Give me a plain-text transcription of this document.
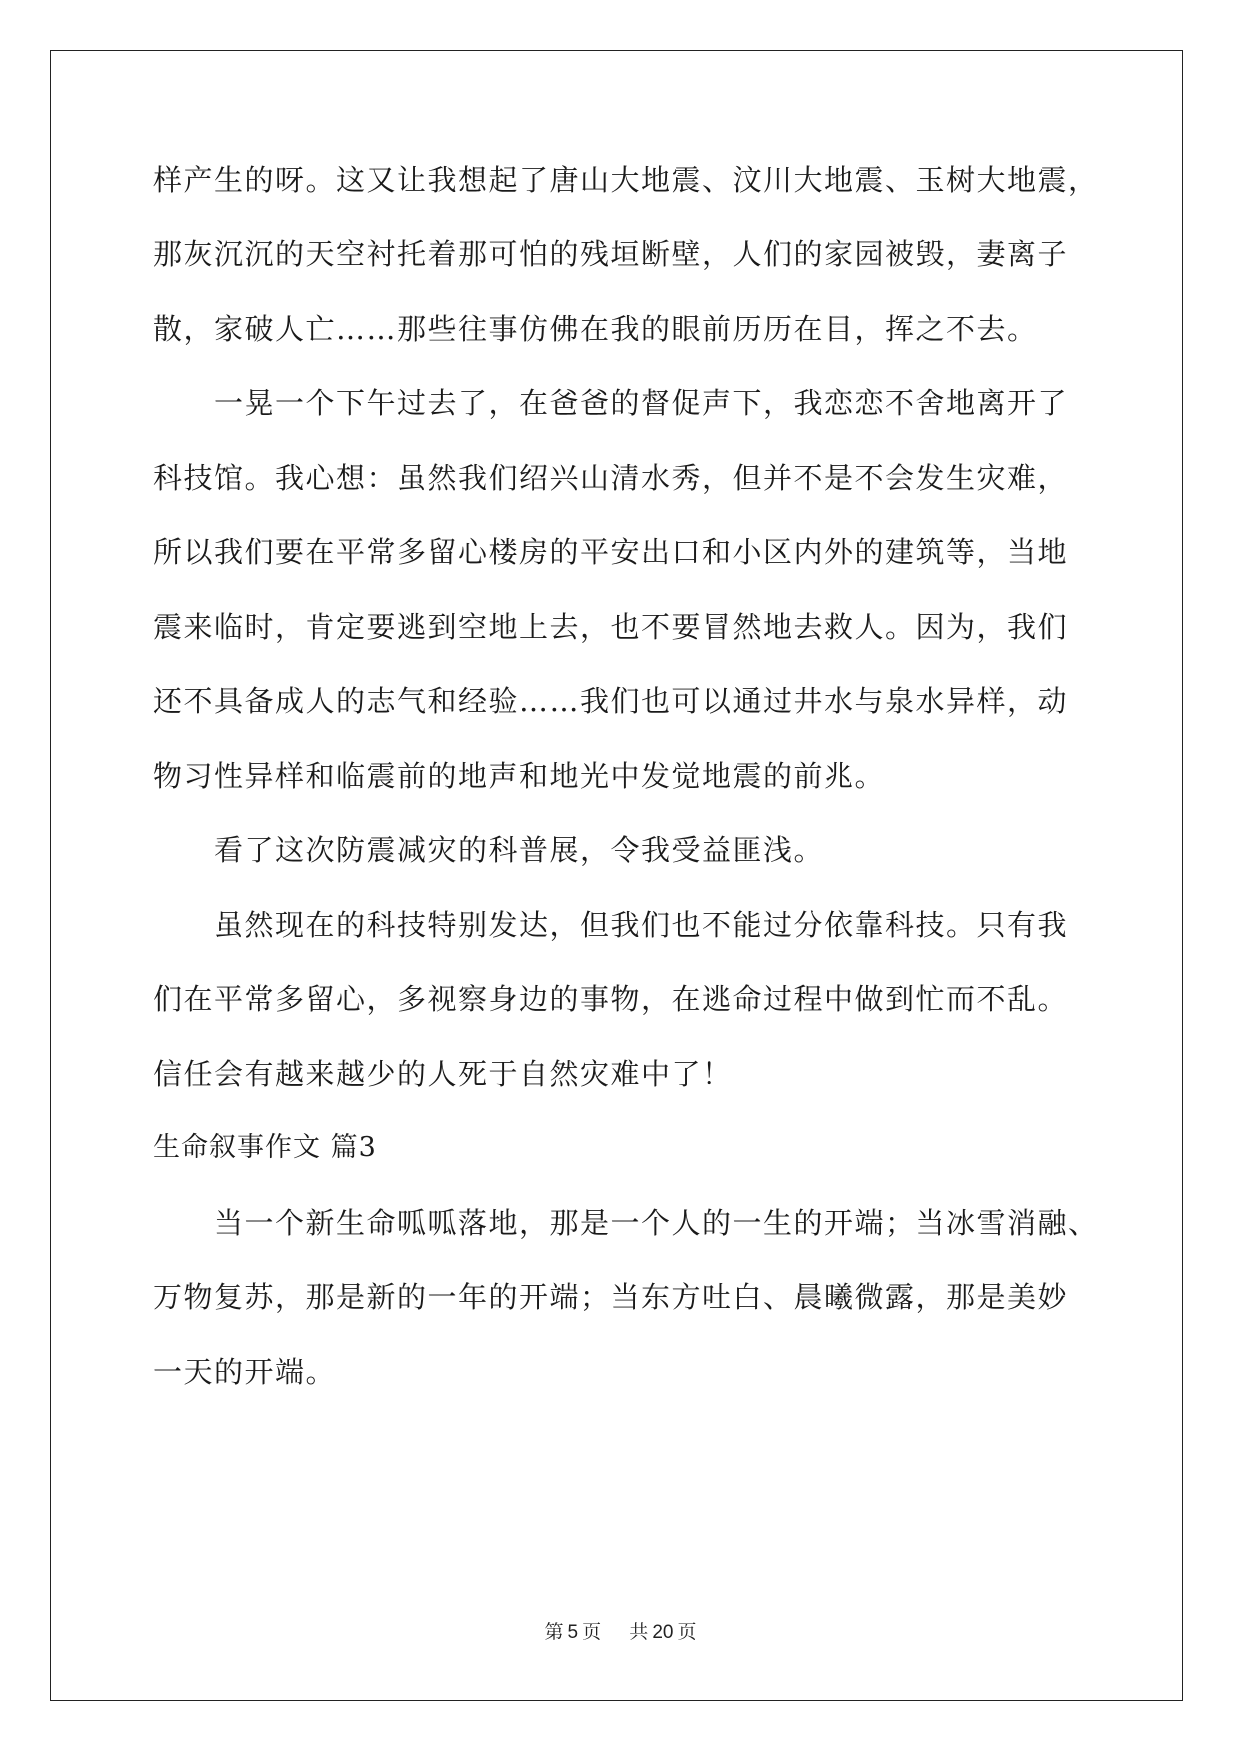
样产生的呀。这又让我想起了唐山大地震、汶川大地震、玉树大地震，
那灰沉沉的天空衬托着那可怕的残垣断壁，人们的家园被毁，妻离子
散，家破人亡……那些往事仿佛在我的眼前历历在目，挥之不去。
一晃一个下午过去了，在爸爸的督促声下，我恋恋不舍地离开了
科技馆。我心想：虽然我们绍兴山清水秀，但并不是不会发生灾难，
所以我们要在平常多留心楼房的平安出口和小区内外的建筑等，当地
震来临时，肯定要逃到空地上去，也不要冒然地去救人。因为，我们
还不具备成人的志气和经验……我们也可以通过井水与泉水异样，动
物习性异样和临震前的地声和地光中发觉地震的前兆。
看了这次防震减灾的科普展，令我受益匪浅。
虽然现在的科技特别发达，但我们也不能过分依靠科技。只有我
们在平常多留心，多视察身边的事物，在逃命过程中做到忙而不乱。
信任会有越来越少的人死于自然灾难中了！
生命叙事作文 篇3
当一个新生命呱呱落地，那是一个人的一生的开端；当冰雪消融、
万物复苏，那是新的一年的开端；当东方吐白、晨曦微露，那是美妙
一天的开端。
第 5 页 共 20 页
